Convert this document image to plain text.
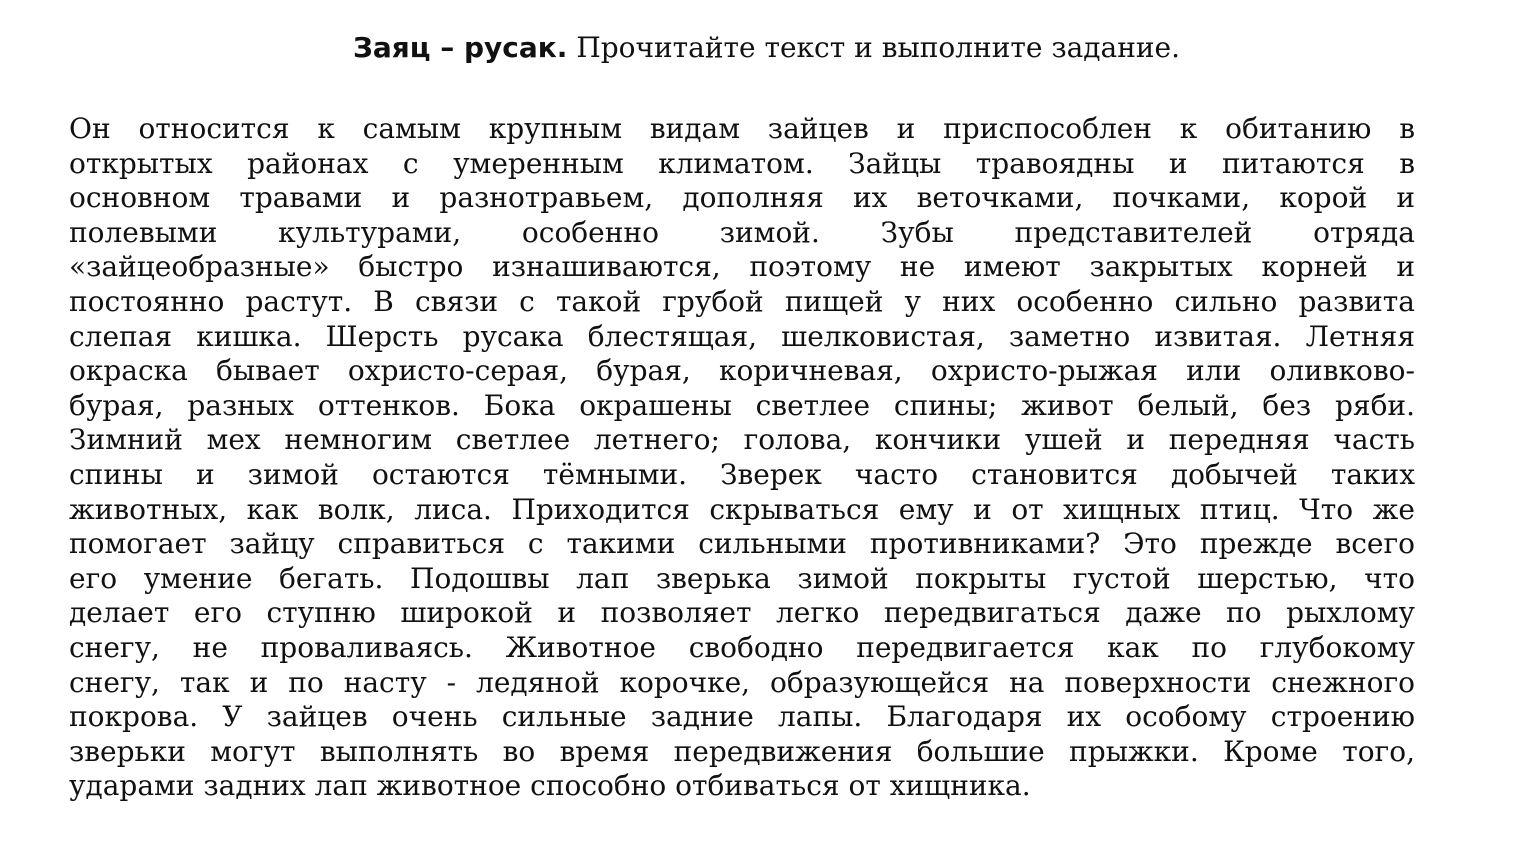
Заяц – русак. Прочитайте текст и выполните задание.
Он относится к самым крупным видам зайцев и приспособлен к обитанию в
открытых районах с умеренным климатом. Зайцы травоядны и питаются в
основном травами и разнотравьем, дополняя их веточками, почками, корой и
полевыми культурами, особенно зимой. Зубы представителей отряда
«зайцеобразные» быстро изнашиваются, поэтому не имеют закрытых корней и
постоянно растут. В связи с такой грубой пищей у них особенно сильно развита
слепая кишка. Шерсть русака блестящая, шелковистая, заметно извитая. Летняя
окраска бывает охристо-серая, бурая, коричневая, охристо-рыжая или оливково-
бурая, разных оттенков. Бока окрашены светлее спины; живот белый, без ряби.
Зимний мех немногим светлее летнего; голова, кончики ушей и передняя часть
спины и зимой остаются тёмными. Зверек часто становится добычей таких
животных, как волк, лиса. Приходится скрываться ему и от хищных птиц. Что же
помогает зайцу справиться с такими сильными противниками? Это прежде всего
его умение бегать. Подошвы лап зверька зимой покрыты густой шерстью, что
делает его ступню широкой и позволяет легко передвигаться даже по рыхлому
снегу, не проваливаясь. Животное свободно передвигается как по глубокому
снегу, так и по насту - ледяной корочке, образующейся на поверхности снежного
покрова. У зайцев очень сильные задние лапы. Благодаря их особому строению
зверьки могут выполнять во время передвижения большие прыжки. Кроме того,
ударами задних лап животное способно отбиваться от хищника.
